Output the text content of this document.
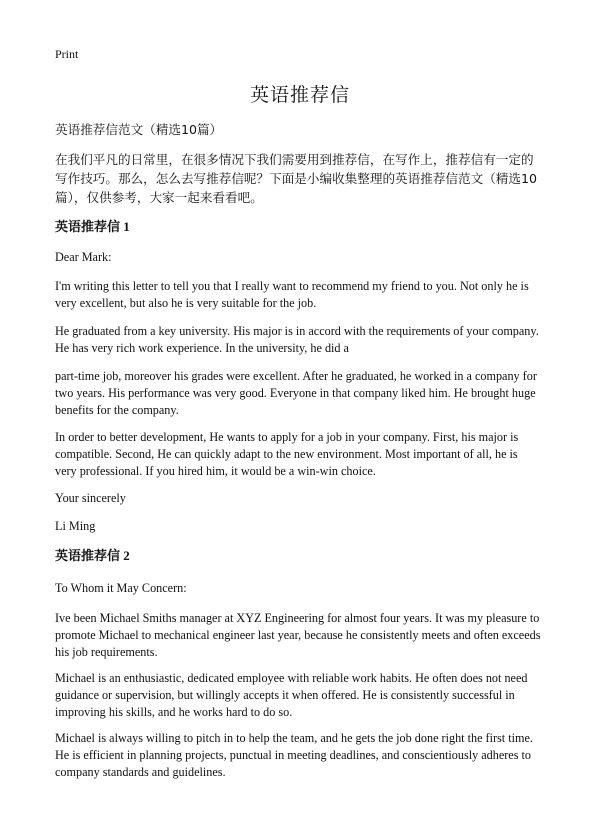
Print
英语推荐信
英语推荐信范文（精选10篇）
在我们平凡的日常里，在很多情况下我们需要用到推荐信，在写作上，推荐信有一定的写作技巧。那么，怎么去写推荐信呢？下面是小编收集整理的英语推荐信范文（精选10篇），仅供参考，大家一起来看看吧。
英语推荐信 1
Dear Mark:
I'm writing this letter to tell you that I really want to recommend my friend to you. Not only he is very excellent, but also he is very suitable for the job.
He graduated from a key university. His major is in accord with the requirements of your company. He has very rich work experience. In the university, he did a
part-time job, moreover his grades were excellent. After he graduated, he worked in a company for two years. His performance was very good. Everyone in that company liked him. He brought huge benefits for the company.
In order to better development, He wants to apply for a job in your company. First, his major is compatible. Second, He can quickly adapt to the new environment. Most important of all, he is very professional. If you hired him, it would be a win-win choice.
Your sincerely
Li Ming
英语推荐信 2
To Whom it May Concern:
Ive been Michael Smiths manager at XYZ Engineering for almost four years. It was my pleasure to promote Michael to mechanical engineer last year, because he consistently meets and often exceeds his job requirements.
Michael is an enthusiastic, dedicated employee with reliable work habits. He often does not need guidance or supervision, but willingly accepts it when offered. He is consistently successful in improving his skills, and he works hard to do so.
Michael is always willing to pitch in to help the team, and he gets the job done right the first time. He is efficient in planning projects, punctual in meeting deadlines, and conscientiously adheres to company standards and guidelines.
